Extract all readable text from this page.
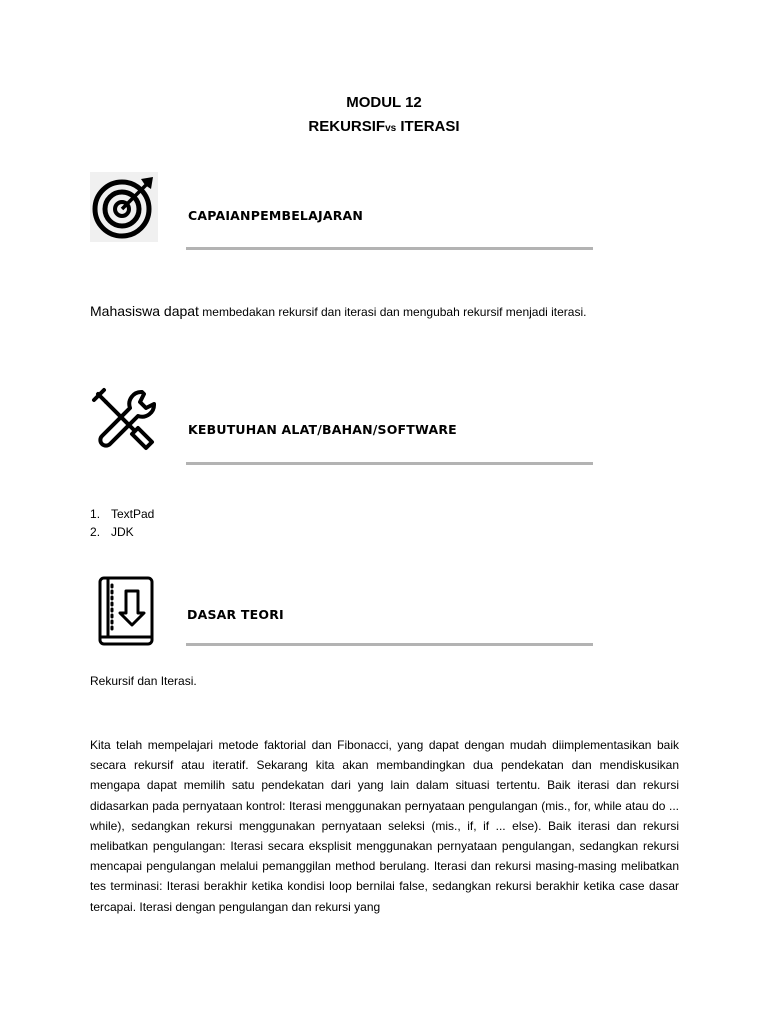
MODUL 12
REKURSIFvs ITERASI
CAPAIANPEMBELAJARAN
Mahasiswa dapat membedakan rekursif dan iterasi dan mengubah rekursif menjadi iterasi.
KEBUTUHAN ALAT/BAHAN/SOFTWARE
TextPad
JDK
DASAR TEORI
Rekursif dan Iterasi.
Kita telah mempelajari metode faktorial dan Fibonacci, yang dapat dengan mudah diimplementasikan baik secara rekursif atau iteratif. Sekarang kita akan membandingkan dua pendekatan dan mendiskusikan mengapa dapat memilih satu pendekatan dari yang lain dalam situasi tertentu. Baik iterasi dan rekursi didasarkan pada pernyataan kontrol: Iterasi menggunakan pernyataan pengulangan (mis., for, while atau do ... while), sedangkan rekursi menggunakan pernyataan seleksi (mis., if, if ... else). Baik iterasi dan rekursi melibatkan pengulangan: Iterasi secara eksplisit menggunakan pernyataan pengulangan, sedangkan rekursi mencapai pengulangan melalui pemanggilan method berulang. Iterasi dan rekursi masing-masing melibatkan tes terminasi: Iterasi berakhir ketika kondisi loop bernilai false, sedangkan rekursi berakhir ketika case dasar tercapai. Iterasi dengan pengulangan dan rekursi yang
